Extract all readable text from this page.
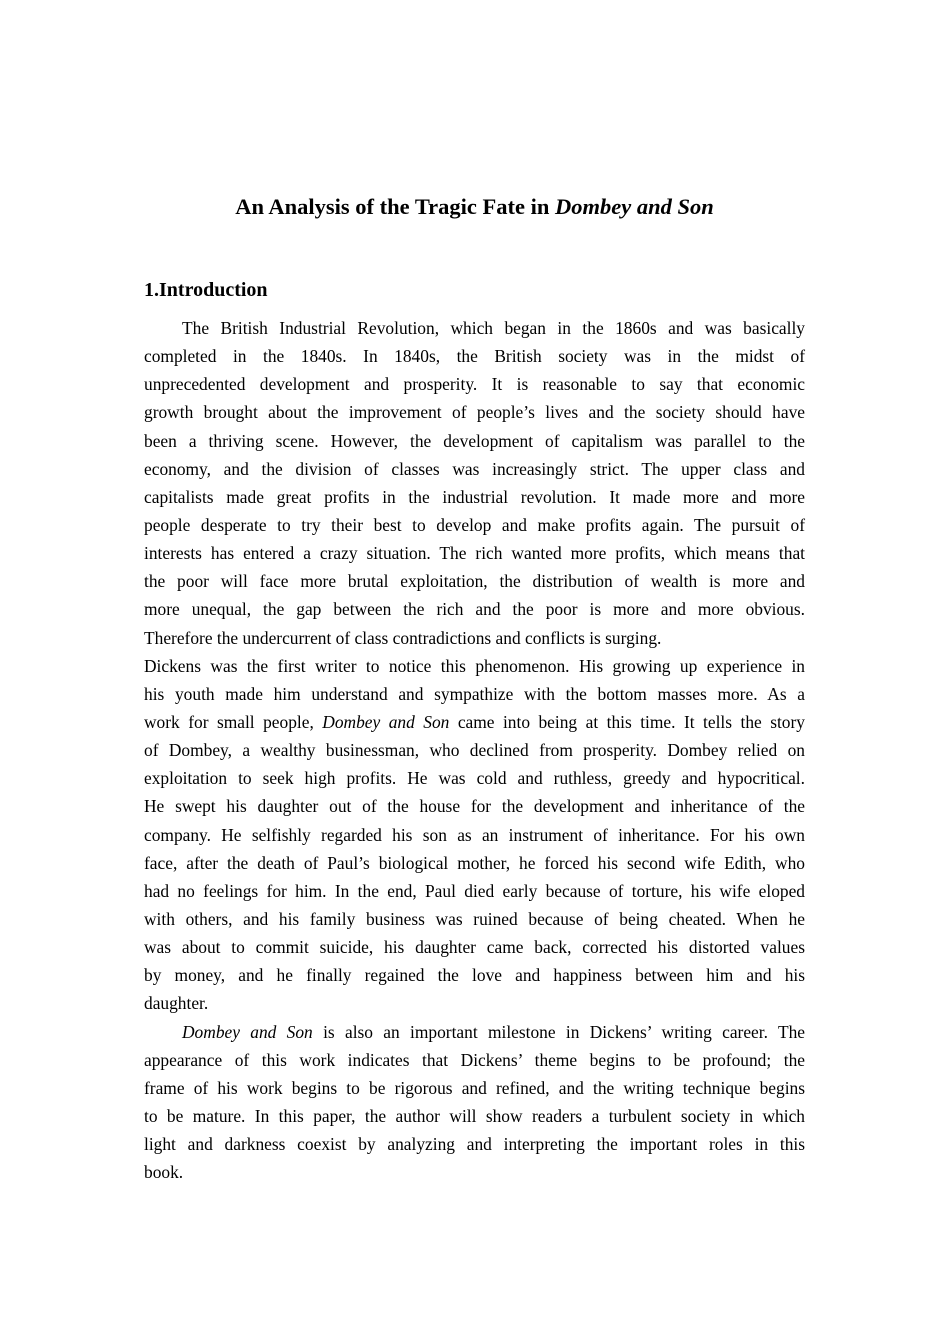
An Analysis of the Tragic Fate in Dombey and Son
1.Introduction
The British Industrial Revolution, which began in the 1860s and was basically
completed in the 1840s. In 1840s, the British society was in the midst of
unprecedented development and prosperity. It is reasonable to say that economic
growth brought about the improvement of people’s lives and the society should have
been a thriving scene. However, the development of capitalism was parallel to the
economy, and the division of classes was increasingly strict. The upper class and
capitalists made great profits in the industrial revolution. It made more and more
people desperate to try their best to develop and make profits again. The pursuit of
interests has entered a crazy situation. The rich wanted more profits, which means that
the poor will face more brutal exploitation, the distribution of wealth is more and
more unequal, the gap between the rich and the poor is more and more obvious.
Therefore the undercurrent of class contradictions and conflicts is surging.
Dickens was the first writer to notice this phenomenon. His growing up experience in
his youth made him understand and sympathize with the bottom masses more. As a
work for small people, Dombey and Son came into being at this time. It tells the story
of Dombey, a wealthy businessman, who declined from prosperity. Dombey relied on
exploitation to seek high profits. He was cold and ruthless, greedy and hypocritical.
He swept his daughter out of the house for the development and inheritance of the
company. He selfishly regarded his son as an instrument of inheritance. For his own
face, after the death of Paul’s biological mother, he forced his second wife Edith, who
had no feelings for him. In the end, Paul died early because of torture, his wife eloped
with others, and his family business was ruined because of being cheated. When he
was about to commit suicide, his daughter came back, corrected his distorted values
by money, and he finally regained the love and happiness between him and his
daughter.
Dombey and Son is also an important milestone in Dickens’ writing career. The
appearance of this work indicates that Dickens’ theme begins to be profound; the
frame of his work begins to be rigorous and refined, and the writing technique begins
to be mature. In this paper, the author will show readers a turbulent society in which
light and darkness coexist by analyzing and interpreting the important roles in this
book.
